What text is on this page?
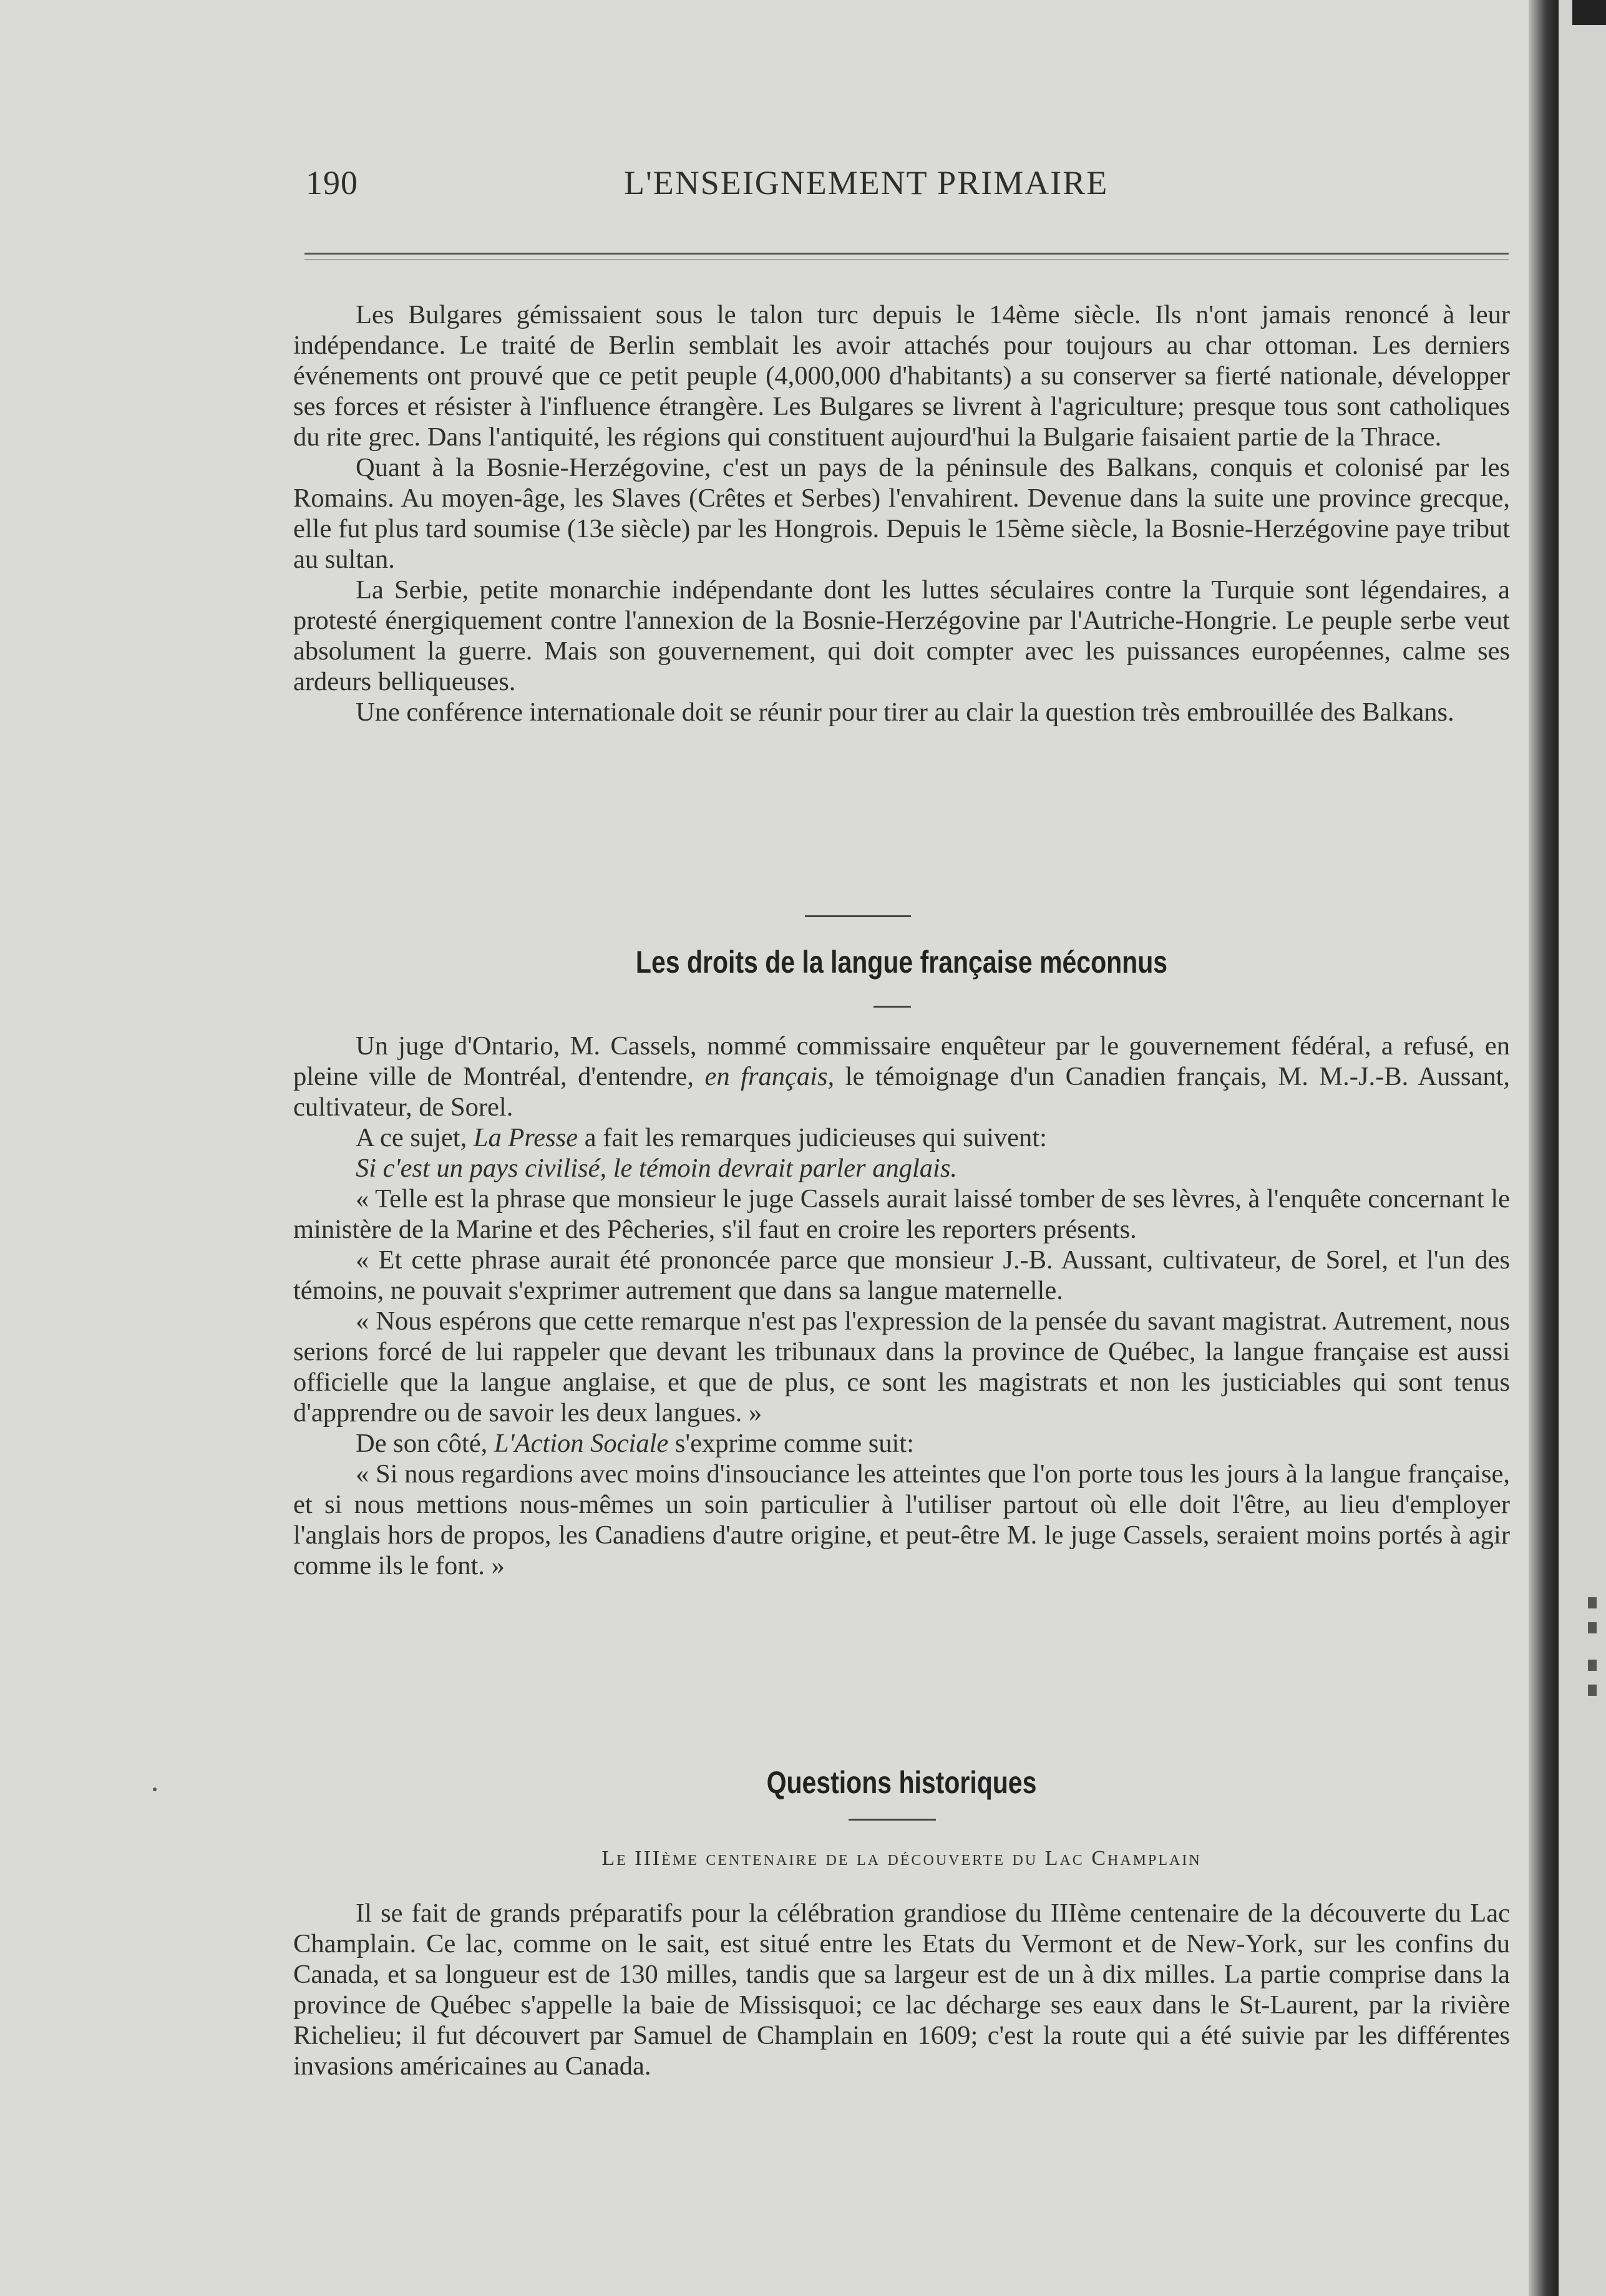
190	L'ENSEIGNEMENT PRIMAIRE

Les Bulgares gémissaient sous le talon turc depuis le 14ème siècle. Ils n'ont jamais renoncé à leur indépendance. Le traité de Berlin semblait les avoir attachés pour toujours au char ottoman. Les derniers événements ont prouvé que ce petit peuple (4,000,000 d'habitants) a su conserver sa fierté nationale, développer ses forces et résister à l'influence étrangère. Les Bulgares se livrent à l'agriculture; presque tous sont catholiques du rite grec. Dans l'antiquité, les régions qui constituent aujourd'hui la Bulgarie faisaient partie de la Thrace.

Quant à la Bosnie-Herzégovine, c'est un pays de la péninsule des Balkans, conquis et colonisé par les Romains. Au moyen-âge, les Slaves (Crêtes et Serbes) l'envahirent. Devenue dans la suite une province grecque, elle fut plus tard soumise (13e siècle) par les Hongrois. Depuis le 15ème siècle, la Bosnie-Herzégovine paye tribut au sultan.

La Serbie, petite monarchie indépendante dont les luttes séculaires contre la Turquie sont légendaires, a protesté énergiquement contre l'annexion de la Bosnie-Herzégovine par l'Autriche-Hongrie. Le peuple serbe veut absolument la guerre. Mais son gouvernement, qui doit compter avec les puissances européennes, calme ses ardeurs belliqueuses.

Une conférence internationale doit se réunir pour tirer au clair la question très embrouillée des Balkans.

Les droits de la langue française méconnus

Un juge d'Ontario, M. Cassels, nommé commissaire enquêteur par le gouvernement fédéral, a refusé, en pleine ville de Montréal, d'entendre, en français, le témoignage d'un Canadien français, M. M.-J.-B. Aussant, cultivateur, de Sorel.

A ce sujet, La Presse a fait les remarques judicieuses qui suivent:

Si c'est un pays civilisé, le témoin devrait parler anglais.

« Telle est la phrase que monsieur le juge Cassels aurait laissé tomber de ses lèvres, à l'enquête concernant le ministère de la Marine et des Pêcheries, s'il faut en croire les reporters présents.

« Et cette phrase aurait été prononcée parce que monsieur J.-B. Aussant, cultivateur, de Sorel, et l'un des témoins, ne pouvait s'exprimer autrement que dans sa langue maternelle.

« Nous espérons que cette remarque n'est pas l'expression de la pensée du savant magistrat. Autrement, nous serions forcé de lui rappeler que devant les tribunaux dans la province de Québec, la langue française est aussi officielle que la langue anglaise, et que de plus, ce sont les magistrats et non les justiciables qui sont tenus d'apprendre ou de savoir les deux langues. »

De son côté, L'Action Sociale s'exprime comme suit:

« Si nous regardions avec moins d'insouciance les atteintes que l'on porte tous les jours à la langue française, et si nous mettions nous-mêmes un soin particulier à l'utiliser partout où elle doit l'être, au lieu d'employer l'anglais hors de propos, les Canadiens d'autre origine, et peut-être M. le juge Cassels, seraient moins portés à agir comme ils le font. »

Questions historiques
Le IIIème centenaire de la découverte du Lac Champlain

Il se fait de grands préparatifs pour la célébration grandiose du IIIème centenaire de la découverte du Lac Champlain. Ce lac, comme on le sait, est situé entre les Etats du Vermont et de New-York, sur les confins du Canada, et sa longueur est de 130 milles, tandis que sa largeur est de un à dix milles. La partie comprise dans la province de Québec s'appelle la baie de Missisquoi; ce lac décharge ses eaux dans le St-Laurent, par la rivière Richelieu; il fut découvert par Samuel de Champlain en 1609; c'est la route qui a été suivie par les différentes invasions américaines au Canada.
